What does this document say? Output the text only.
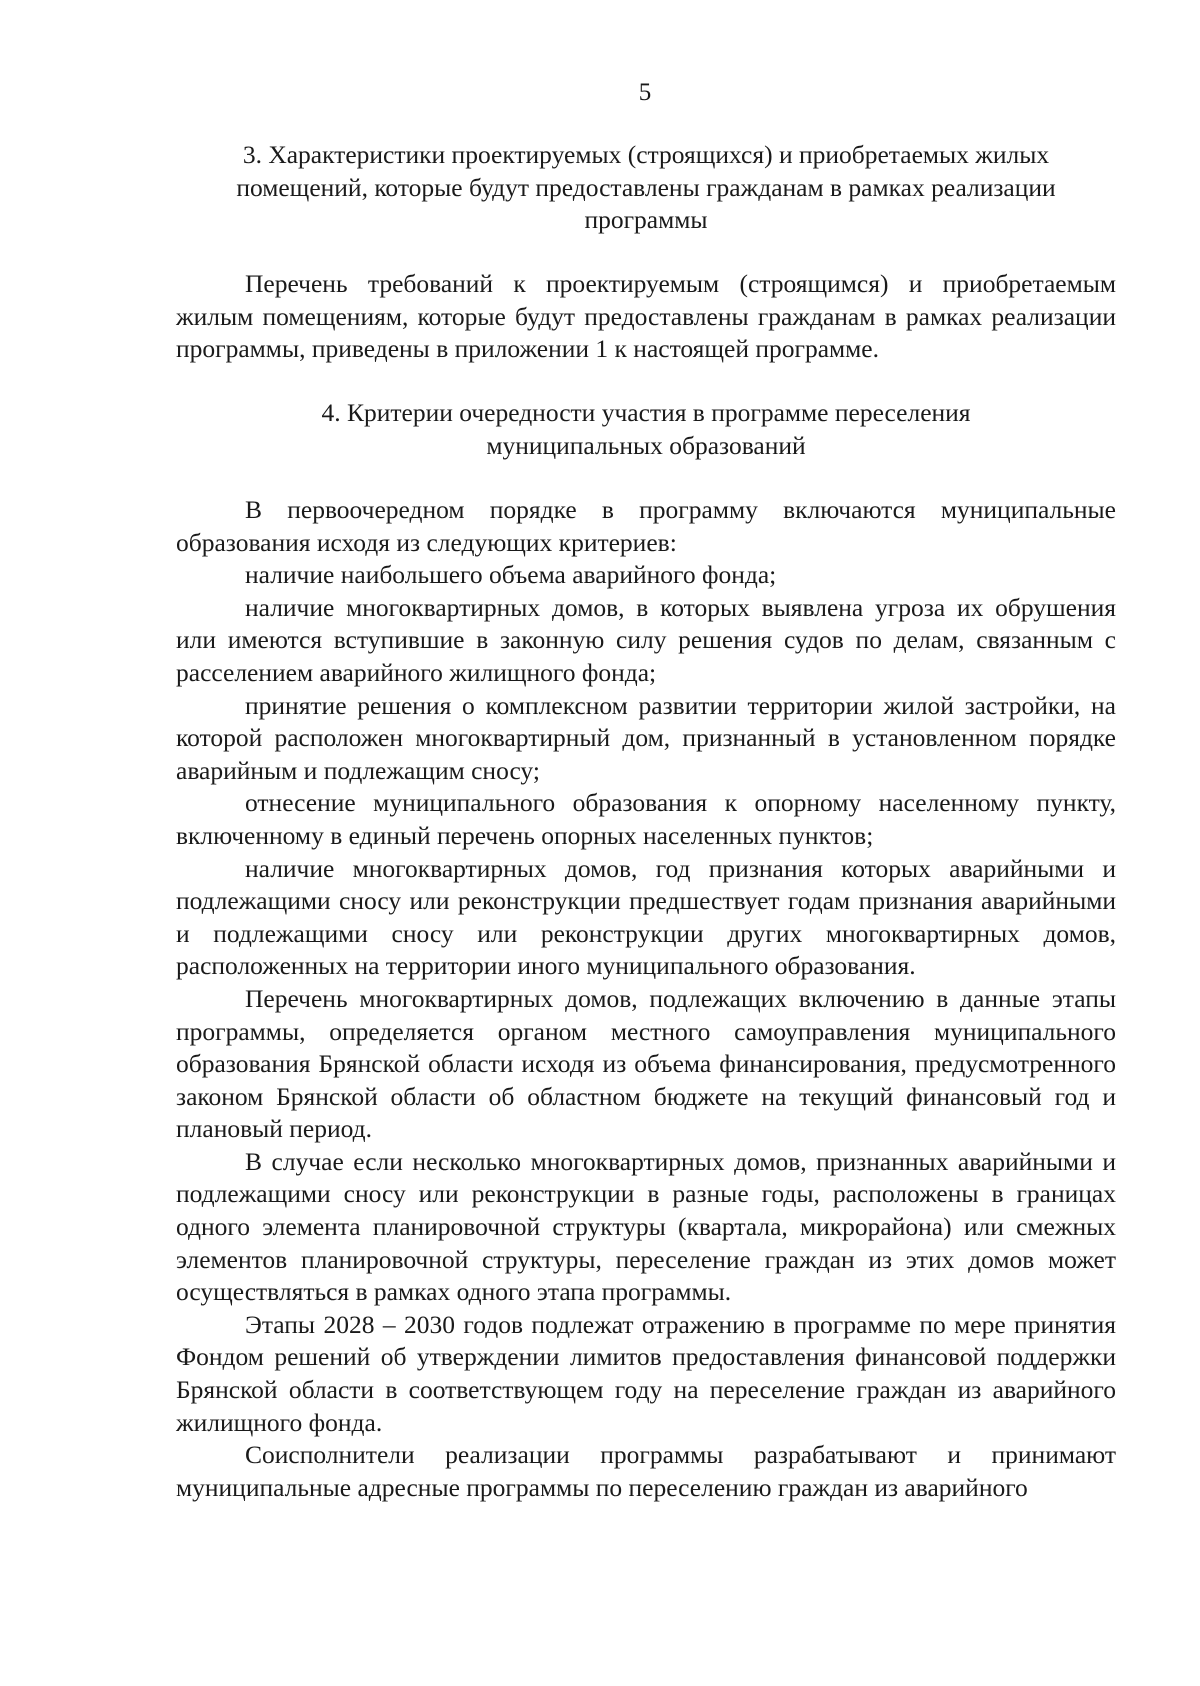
5
3. Характеристики проектируемых (строящихся) и приобретаемых жилых
помещений, которые будут предоставлены гражданам в рамках реализации
программы

Перечень требований к проектируемым (строящимся) и приобретаемым жилым помещениям, которые будут предоставлены гражданам в рамках реализации программы, приведены в приложении 1 к настоящей программе.

4. Критерии очередности участия в программе переселения
муниципальных образований

В первоочередном порядке в программу включаются муниципальные образования исходя из следующих критериев:

наличие наибольшего объема аварийного фонда;

наличие многоквартирных домов, в которых выявлена угроза их обрушения или имеются вступившие в законную силу решения судов по делам, связанным с расселением аварийного жилищного фонда;

принятие решения о комплексном развитии территории жилой застройки, на которой расположен многоквартирный дом, признанный в установленном порядке аварийным и подлежащим сносу;

отнесение муниципального образования к опорному населенному пункту, включенному в единый перечень опорных населенных пунктов;

наличие многоквартирных домов, год признания которых аварийными и подлежащими сносу или реконструкции предшествует годам признания аварийными и подлежащими сносу или реконструкции других многоквартирных домов, расположенных на территории иного муниципального образования.

Перечень многоквартирных домов, подлежащих включению в данные этапы программы, определяется органом местного самоуправления муниципального образования Брянской области исходя из объема финансирования, предусмотренного законом Брянской области об областном бюджете на текущий финансовый год и плановый период.

В случае если несколько многоквартирных домов, признанных аварийными и подлежащими сносу или реконструкции в разные годы, расположены в границах одного элемента планировочной структуры (квартала, микрорайона) или смежных элементов планировочной структуры, переселение граждан из этих домов может осуществляться в рамках одного этапа программы.

Этапы 2028 – 2030 годов подлежат отражению в программе по мере принятия Фондом решений об утверждении лимитов предоставления финансовой поддержки Брянской области в соответствующем году на переселение граждан из аварийного жилищного фонда.

Соисполнители реализации программы разрабатывают и принимают муниципальные адресные программы по переселению граждан из аварийного
